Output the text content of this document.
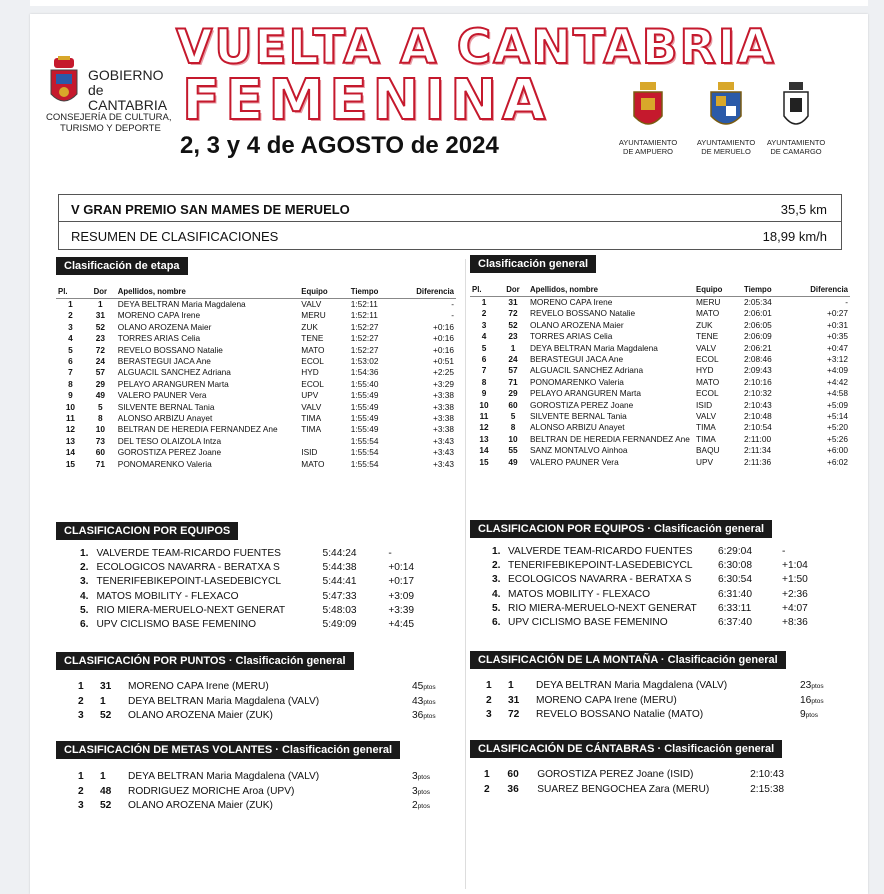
GOBIERNO
de
CANTABRIA
CONSEJERÍA DE CULTURA,
TURISMO Y DEPORTE
VUELTA A CANTABRIA
FEMENINA
2, 3 y 4 de AGOSTO de 2024	AYUNTAMIENTO
DE AMPUERO
AYUNTAMIENTO
DE MERUELO
AYUNTAMIENTO
DE CAMARGO
V GRAN PREMIO SAN MAMES DE MERUELO	35,5 km
RESUMEN DE CLASIFICACIONES	18,99 km/h
Clasificación de etapa
Pl.	Dor	Apellidos, nombre	Equipo	Tiempo	Diferencia
1	1	DEYA BELTRAN Maria Magdalena	VALV	1:52:11	-
2	31	MORENO CAPA Irene	MERU	1:52:11	-
3	52	OLANO AROZENA Maier	ZUK	1:52:27	+0:16
4	23	TORRES ARIAS Celia	TENE	1:52:27	+0:16
5	72	REVELO BOSSANO Natalie	MATO	1:52:27	+0:16
6	24	BERASTEGUI JACA Ane	ECOL	1:53:02	+0:51
7	57	ALGUACIL SANCHEZ Adriana	HYD	1:54:36	+2:25
8	29	PELAYO ARANGUREN Marta	ECOL	1:55:40	+3:29
9	49	VALERO PAUNER Vera	UPV	1:55:49	+3:38
10	5	SILVENTE BERNAL Tania	VALV	1:55:49	+3:38
11	8	ALONSO ARBIZU Anayet	TIMA	1:55:49	+3:38
12	10	BELTRAN DE HEREDIA FERNANDEZ Ane	TIMA	1:55:49	+3:38
13	73	DEL TESO OLAIZOLA Intza		1:55:54	+3:43
14	60	GOROSTIZA PEREZ Joane	ISID	1:55:54	+3:43
15	71	PONOMARENKO Valeria	MATO	1:55:54	+3:43
Clasificación general
Pl.	Dor	Apellidos, nombre	Equipo	Tiempo	Diferencia
1	31	MORENO CAPA Irene	MERU	2:05:34	-
2	72	REVELO BOSSANO Natalie	MATO	2:06:01	+0:27
3	52	OLANO AROZENA Maier	ZUK	2:06:05	+0:31
4	23	TORRES ARIAS Celia	TENE	2:06:09	+0:35
5	1	DEYA BELTRAN Maria Magdalena	VALV	2:06:21	+0:47
6	24	BERASTEGUI JACA Ane	ECOL	2:08:46	+3:12
7	57	ALGUACIL SANCHEZ Adriana	HYD	2:09:43	+4:09
8	71	PONOMARENKO Valeria	MATO	2:10:16	+4:42
9	29	PELAYO ARANGUREN Marta	ECOL	2:10:32	+4:58
10	60	GOROSTIZA PEREZ Joane	ISID	2:10:43	+5:09
11	5	SILVENTE BERNAL Tania	VALV	2:10:48	+5:14
12	8	ALONSO ARBIZU Anayet	TIMA	2:10:54	+5:20
13	10	BELTRAN DE HEREDIA FERNANDEZ Ane	TIMA	2:11:00	+5:26
14	55	SANZ MONTALVO Ainhoa	BAQU	2:11:34	+6:00
15	49	VALERO PAUNER Vera	UPV	2:11:36	+6:02
CLASIFICACION POR EQUIPOS
1.	VALVERDE TEAM-RICARDO FUENTES	5:44:24	-
2.	ECOLOGICOS NAVARRA - BERATXA S	5:44:38	+0:14
3.	TENERIFEBIKEPOINT-LASEDEBICYCL	5:44:41	+0:17
4.	MATOS MOBILITY - FLEXACO	5:47:33	+3:09
5.	RIO MIERA-MERUELO-NEXT GENERAT	5:48:03	+3:39
6.	UPV CICLISMO BASE FEMENINO	5:49:09	+4:45
CLASIFICACION POR EQUIPOS · Clasificación general
1.	VALVERDE TEAM-RICARDO FUENTES	6:29:04	-
2.	TENERIFEBIKEPOINT-LASEDEBICYCL	6:30:08	+1:04
3.	ECOLOGICOS NAVARRA - BERATXA S	6:30:54	+1:50
4.	MATOS MOBILITY - FLEXACO	6:31:40	+2:36
5.	RIO MIERA-MERUELO-NEXT GENERAT	6:33:11	+4:07
6.	UPV CICLISMO BASE FEMENINO	6:37:40	+8:36
CLASIFICACIÓN POR PUNTOS · Clasificación general
1	31	MORENO CAPA Irene (MERU)	45ptos
2	1	DEYA BELTRAN Maria Magdalena (VALV)	43ptos
3	52	OLANO AROZENA Maier (ZUK)	36ptos
CLASIFICACIÓN DE LA MONTAÑA · Clasificación general
1	1	DEYA BELTRAN Maria Magdalena (VALV)	23ptos
2	31	MORENO CAPA Irene (MERU)	16ptos
3	72	REVELO BOSSANO Natalie (MATO)	9ptos
CLASIFICACIÓN DE METAS VOLANTES · Clasificación general
1	1	DEYA BELTRAN Maria Magdalena (VALV)	3ptos
2	48	RODRIGUEZ MORICHE Aroa (UPV)	3ptos
3	52	OLANO AROZENA Maier (ZUK)	2ptos
CLASIFICACIÓN DE CÁNTABRAS · Clasificación general
1	60	GOROSTIZA PEREZ Joane (ISID)	2:10:43
2	36	SUAREZ BENGOCHEA Zara (MERU)	2:15:38
